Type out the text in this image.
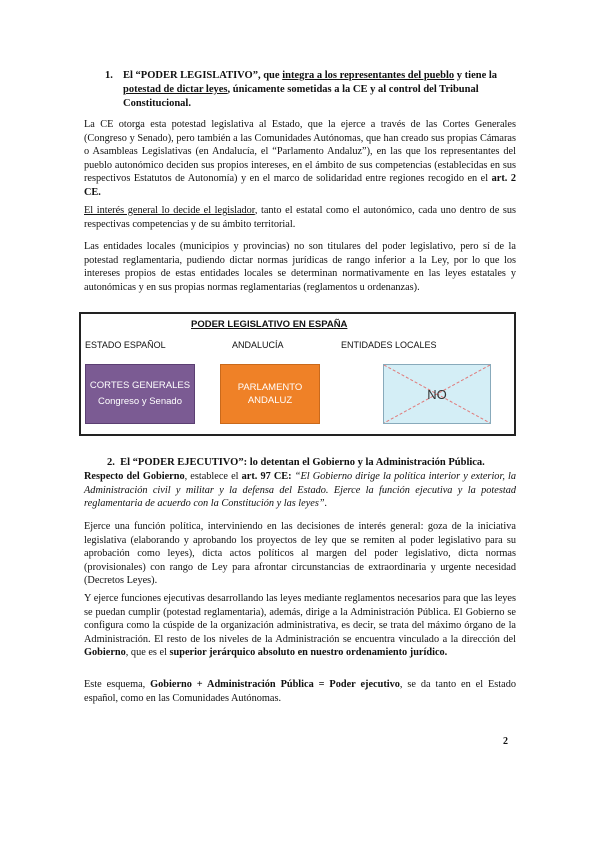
1. El “PODER LEGISLATIVO”, que integra a los representantes del pueblo y tiene la potestad de dictar leyes, únicamente sometidas a la CE y al control del Tribunal Constitucional.

La CE otorga esta potestad legislativa al Estado, que la ejerce a través de las Cortes Generales (Congreso y Senado), pero también a las Comunidades Autónomas, que han creado sus propias Cámaras o Asambleas Legislativas (en Andalucía, el “Parlamento Andaluz”), en las que los representantes del pueblo autonómico deciden sus propios intereses, en el ámbito de sus competencias (establecidas en sus respectivos Estatutos de Autonomía) y en el marco de solidaridad entre regiones recogido en el art. 2 CE.

El interés general lo decide el legislador, tanto el estatal como el autonómico, cada uno dentro de sus respectivas competencias y de su ámbito territorial.

Las entidades locales (municipios y provincias) no son titulares del poder legislativo, pero sí de la potestad reglamentaria, pudiendo dictar normas jurídicas de rango inferior a la Ley, por lo que los intereses propios de estas entidades locales se determinan normativamente en las leyes estatales y autonómicas y en sus propias normas reglamentarias (reglamentos u ordenanzas).

PODER LEGISLATIVO EN ESPAÑA
ESTADO ESPAÑOL	ANDALUCÍA	ENTIDADES LOCALES
CORTES GENERALES
Congreso y Senado
PARLAMENTO
ANDALUZ	NO
2. El “PODER EJECUTIVO”: lo detentan el Gobierno y la Administración Pública.

Respecto del Gobierno, establece el art. 97 CE: “El Gobierno dirige la política interior y exterior, la Administración civil y militar y la defensa del Estado. Ejerce la función ejecutiva y la potestad reglamentaria de acuerdo con la Constitución y las leyes”.

Ejerce una función política, interviniendo en las decisiones de interés general: goza de la iniciativa legislativa (elaborando y aprobando los proyectos de ley que se remiten al poder legislativo para su aprobación como leyes), dicta actos políticos al margen del poder legislativo, dicta normas (provisionales) con rango de Ley para afrontar circunstancias de extraordinaria y urgente necesidad (Decretos Leyes).

Y ejerce funciones ejecutivas desarrollando las leyes mediante reglamentos necesarios para que las leyes se puedan cumplir (potestad reglamentaria), además, dirige a la Administración Pública. El Gobierno se configura como la cúspide de la organización administrativa, es decir, se trata del máximo órgano de la Administración. El resto de los niveles de la Administración se encuentra vinculado a la dirección del Gobierno, que es el superior jerárquico absoluto en nuestro ordenamiento jurídico.

Este esquema, Gobierno + Administración Pública = Poder ejecutivo, se da tanto en el Estado español, como en las Comunidades Autónomas.

2
